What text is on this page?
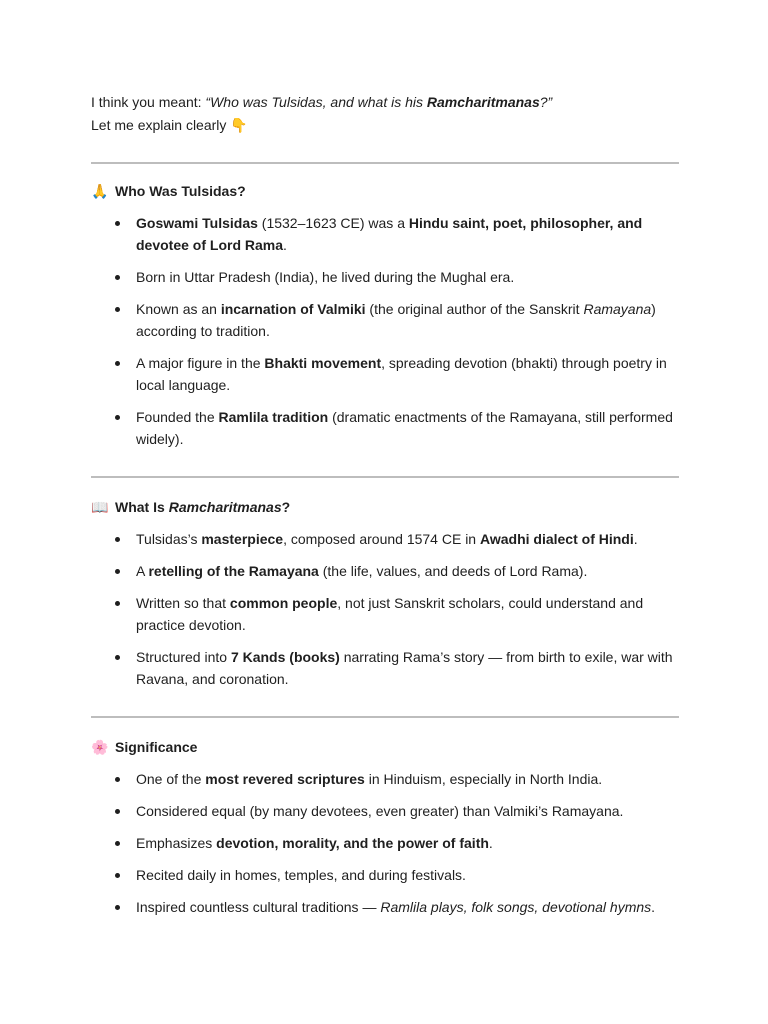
I think you meant: “Who was Tulsidas, and what is his Ramcharitmanas?”

Let me explain clearly 👇

🙏 Who Was Tulsidas?
Goswami Tulsidas (1532–1623 CE) was a Hindu saint, poet, philosopher, and devotee of Lord Rama.
Born in Uttar Pradesh (India), he lived during the Mughal era.
Known as an incarnation of Valmiki (the original author of the Sanskrit Ramayana) according to tradition.
A major figure in the Bhakti movement, spreading devotion (bhakti) through poetry in local language.
Founded the Ramlila tradition (dramatic enactments of the Ramayana, still performed widely).
📖 What Is Ramcharitmanas ?
Tulsidas’s masterpiece, composed around 1574 CE in Awadhi dialect of Hindi.
A retelling of the Ramayana (the life, values, and deeds of Lord Rama).
Written so that common people, not just Sanskrit scholars, could understand and practice devotion.
Structured into 7 Kands (books) narrating Rama’s story — from birth to exile, war with Ravana, and coronation.
🌸 Significance
One of the most revered scriptures in Hinduism, especially in North India.
Considered equal (by many devotees, even greater) than Valmiki’s Ramayana.
Emphasizes devotion, morality, and the power of faith.
Recited daily in homes, temples, and during festivals.
Inspired countless cultural traditions — Ramlila plays, folk songs, devotional hymns.
